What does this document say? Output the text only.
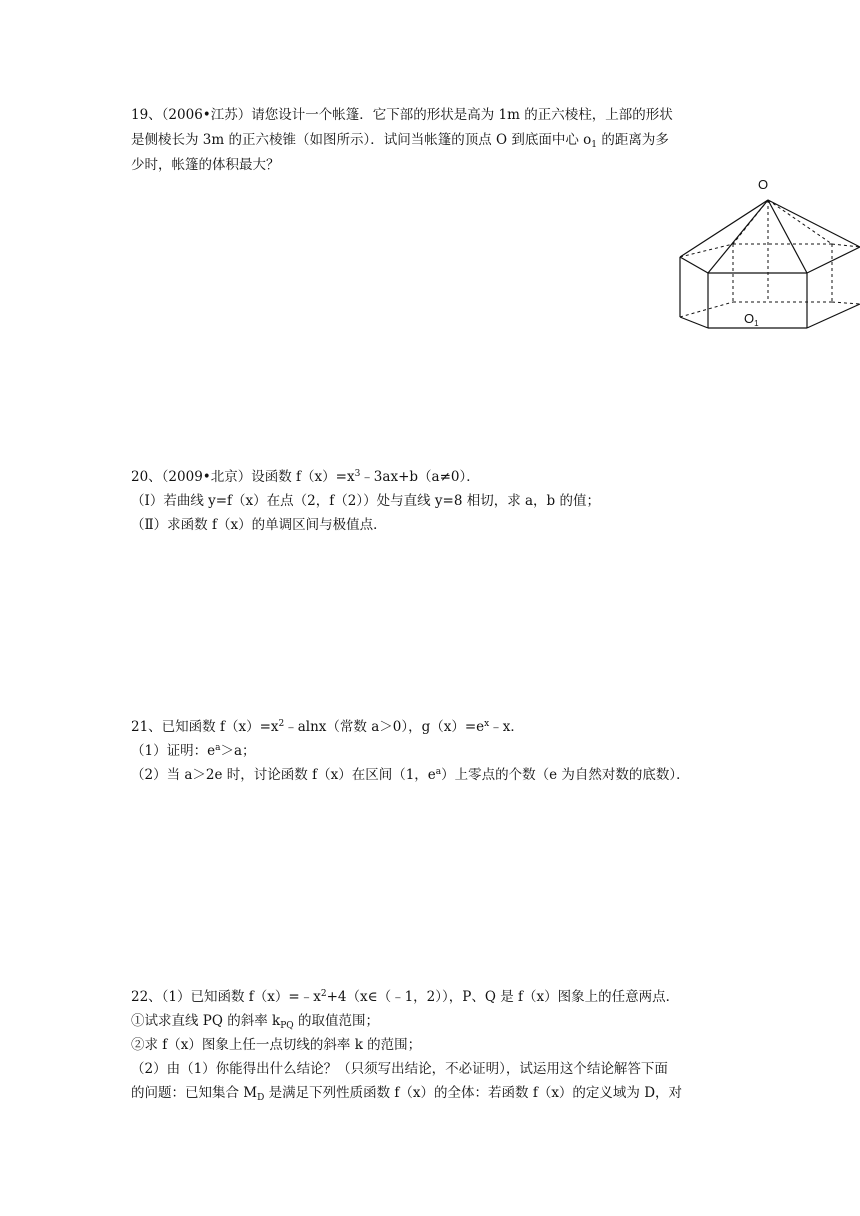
19、（2006•江苏）请您设计一个帐篷．它下部的形状是高为 1m 的正六棱柱，上部的形状
是侧棱长为 3m 的正六棱锥（如图所示）．试问当帐篷的顶点 O 到底面中心 $o_1$ 的距离为多
少时，帐篷的体积最大？
O
$O_1$
20、（2009•北京）设函数 $f(x)=x^3﹣3ax+b(a\ne 0)$．
（Ⅰ）若曲线 y=f（x）在点（2，f（2））处与直线 y=8 相切，求 a，b 的值；
（Ⅱ）求函数 f（x）的单调区间与极值点．
21、已知函数 $f(x)=x^2﹣alnx$（常数 a＞0），$g(x)=e^x﹣x$．
（1）证明：$e^a>a$；
（2）当 a＞2e 时，讨论函数 f（x）在区间（1，$e^a$）上零点的个数（e 为自然对数的底数）．
22、（1）已知函数 $f(x)=﹣x^2+4(x\in(﹣1$，2）），P、Q 是 f（x）图象上的任意两点．
①试求直线 PQ 的斜率 $k_{PQ}$ 的取值范围；
②求 f（x）图象上任一点切线的斜率 k 的范围；
（2）由（1）你能得出什么结论？（只须写出结论，不必证明），试运用这个结论解答下面
的问题：已知集合 $M_D$ 是满足下列性质函数 f（x）的全体：若函数 f（x）的定义域为 D，对
